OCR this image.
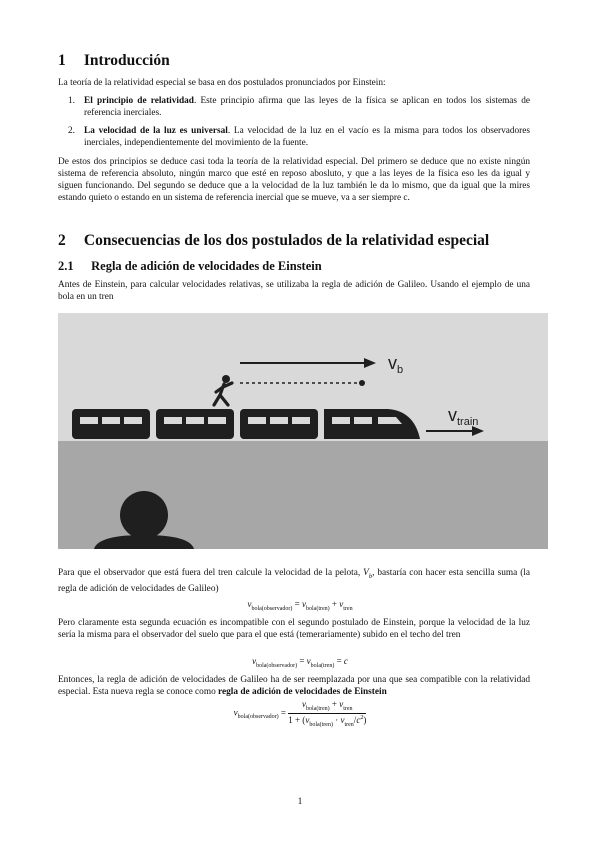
1 Introducción

La teoría de la relatividad especial se basa en dos postulados pronunciados por Einstein:

1. El principio de relatividad. Este principio afirma que las leyes de la física se aplican en todos los sistemas de referencia inerciales.
2. La velocidad de la luz es universal. La velocidad de la luz en el vacío es la misma para todos los observadores inerciales, independientemente del movimiento de la fuente.

De estos dos principios se deduce casi toda la teoría de la relatividad especial. Del primero se deduce que no existe ningún sistema de referencia absoluto, ningún marco que esté en reposo abosluto, y que a las leyes de la física eso les da igual y siguen funcionando. Del segundo se deduce que a la velocidad de la luz también le da lo mismo, que da igual que la mires estando quieto o estando en un sistema de referencia inercial que se mueve, va a ser siempre c.

2 Consecuencias de los dos postulados de la relatividad especial
2.1 Regla de adición de velocidades de Einstein

Antes de Einstein, para calcular velocidades relativas, se utilizaba la regla de adición de Galileo. Usando el ejemplo de una bola en un tren

$v_b$
$v_{train}$

Para que el observador que está fuera del tren calcule la velocidad de la pelota, $V_b$, bastaría con hacer esta sencilla suma (la regla de adición de velocidades de Galileo)

$v_{bola(observador)} = v_{bola(tren)} + v_{tren}$

Pero claramente esta segunda ecuación es incompatible con el segundo postulado de Einstein, porque la velocidad de la luz sería la misma para el observador del suelo que para el que está (temerariamente) subido en el techo del tren

$v_{bola(observador)} = v_{bola(tren)} = c$

Entonces, la regla de adición de velocidades de Galileo ha de ser reemplazada por una que sea compatible con la relatividad especial. Esta nueva regla se conoce como regla de adición de velocidades de Einstein

$v_{bola(observador)} = \frac{v_{bola(tren)} + v_{tren}}{1 + (v_{bola(tren)} \cdot v_{tren}/c^2)}$
1
